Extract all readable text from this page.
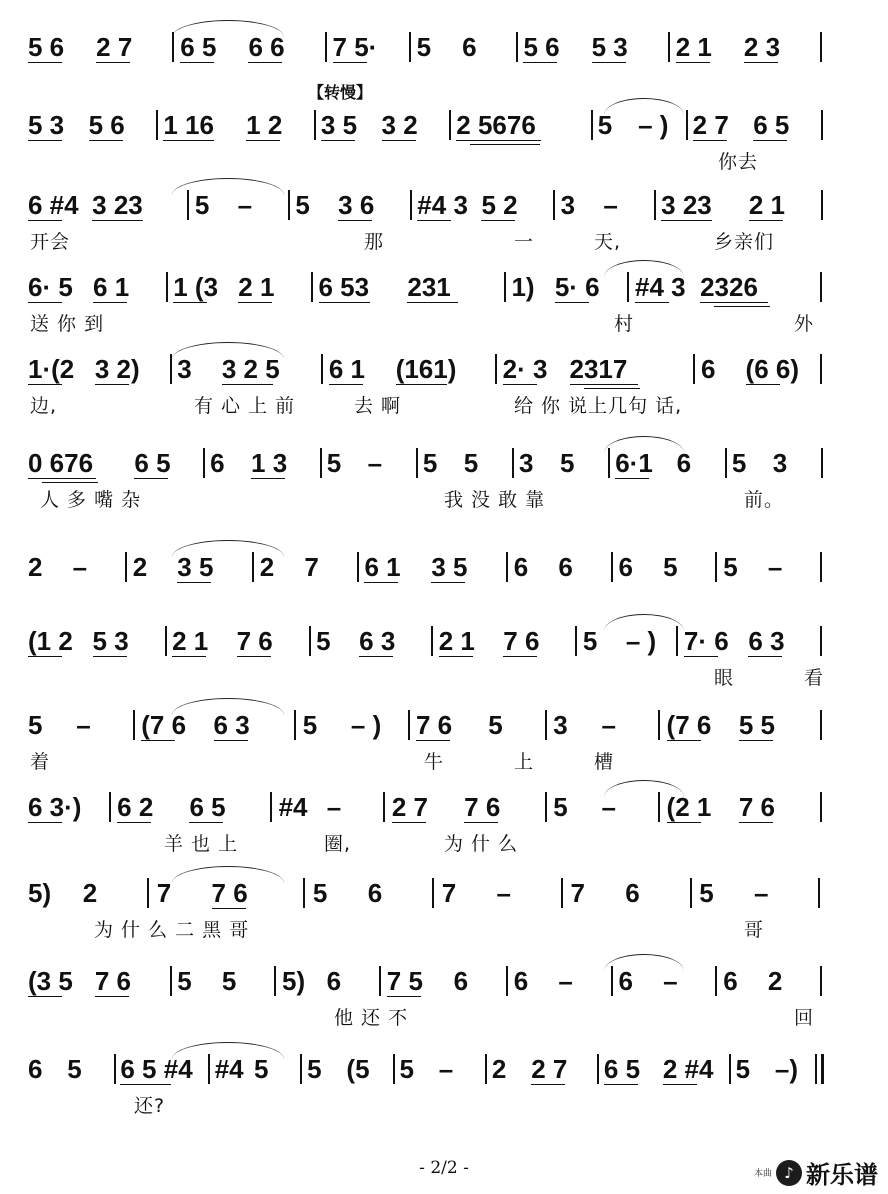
【转慢】
5 6 2 7 6 5 6 6 7 5· 5 6 5 6 5 3 2 1 2 3
5 3 5 6 1 16 1 2 3 5 3 2 2 5676 5 – ) 2 7 6 5
你去
6 #4 3 23 5 – 5 3 6 #4 3 5 2 3 – 3 23 2 1
开会	那	一	天,	乡亲们
6· 5 6 1 1 (3 2 1 6 53 231 1) 5· 6 #4 3 2326
送 你 到	村	外
1·(2 3 2) 3 3 2 5 6 1 (161) 2· 3 2317	6 (6 6)
边,	有 心 上 前	去 啊	给 你 说上几句 话,
0 676 6 5 6 1 3 5 – 5 5 3 5 6·1 6 5 3
人 多 嘴 杂	我 没 敢 靠	前。
2 – 2 3 5 2 7 6 1 3 5 6 6 6 5 5 –
(1 2 5 3 2 1 7 6 5 6 3 2 1 7 6 5 – ) 7· 6 6 3
眼	看
5 – (7 6 6 3 5 – ) 7 6 5 3 – (7 6 5 5
着	牛	上	槽
6 3·) 6 2 6 5 #4 – 2 7 7 6 5 – (2 1 7 6
羊 也 上	圈,	为 什 么
5) 2 7 7 6	5 6 7 – 7 6 5 –
为 什 么 二 黑 哥	哥
(3 5 7 6 5 5 5) 6 7 5 6 6 – 6 – 6 2
他 还 不	回
6 5 6 5 #4 #4 5 5 (5 5 – 2 2 7 6 5 2 #4 5 –)
还?
- 2/2 -	本曲 ♪ 新乐谱
